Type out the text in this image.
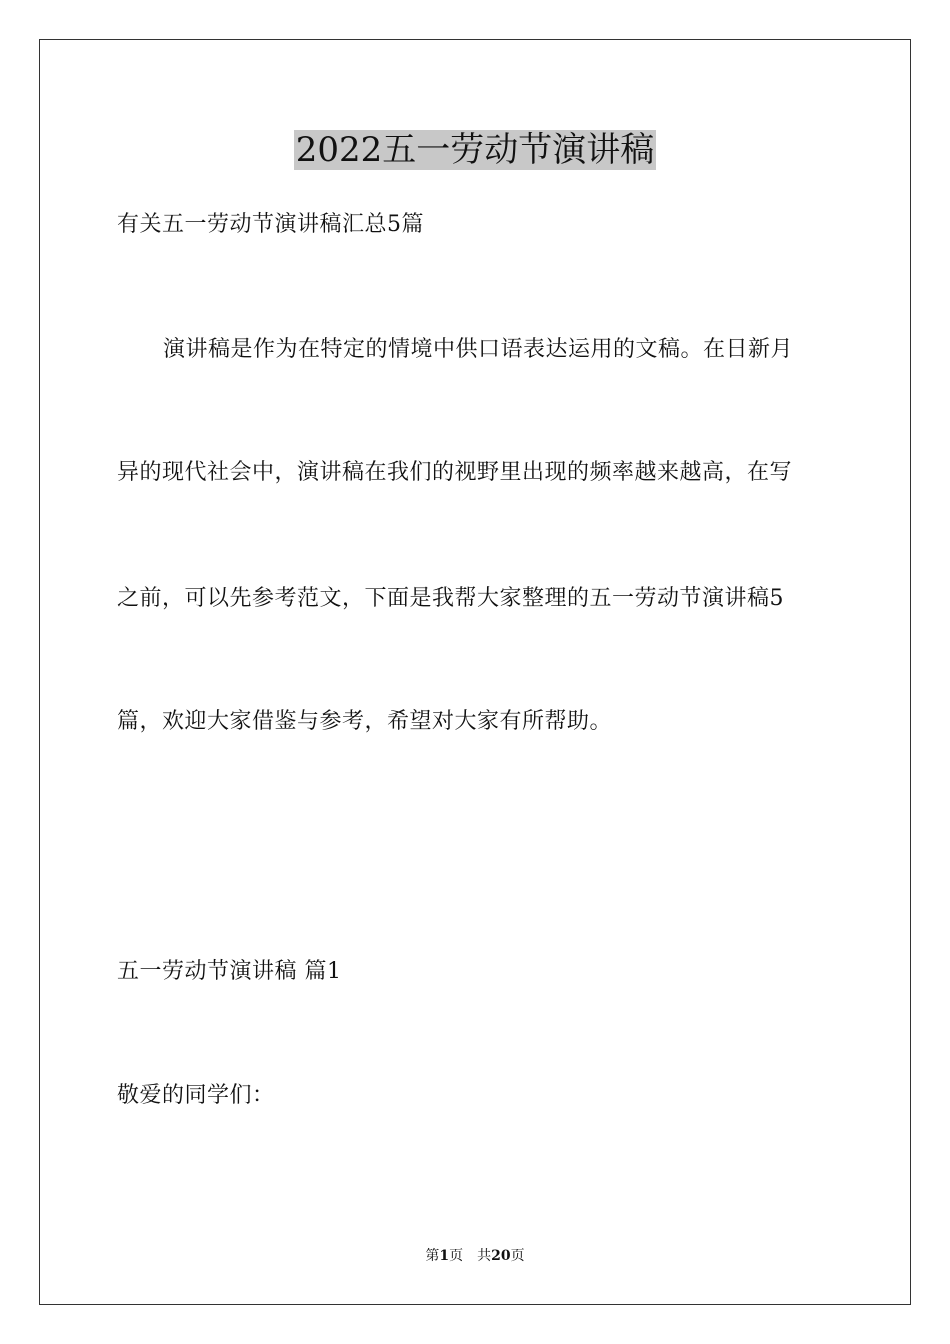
2022五一劳动节演讲稿
有关五一劳动节演讲稿汇总5篇
演讲稿是作为在特定的情境中供口语表达运用的文稿。在日新月
异的现代社会中，演讲稿在我们的视野里出现的频率越来越高，在写
之前，可以先参考范文，下面是我帮大家整理的五一劳动节演讲稿5
篇，欢迎大家借鉴与参考，希望对大家有所帮助。
五一劳动节演讲稿 篇1
敬爱的同学们：
第1页 共20页
